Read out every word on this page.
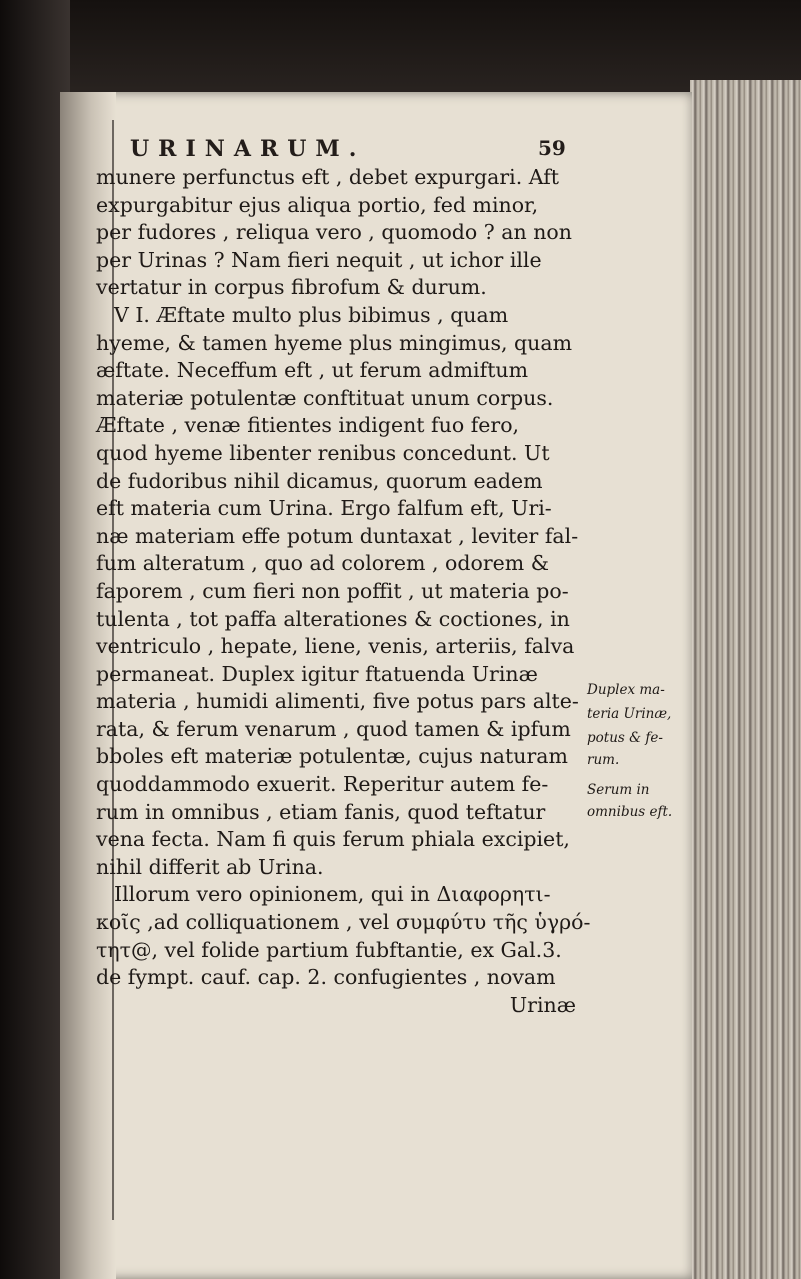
URINARUM.	59
munere perfunctus eft , debet expurgari. Aft
expurgabitur ejus aliqua portio, fed minor,
per fudores , reliqua vero , quomodo ? an non
per Urinas ? Nam fieri nequit , ut ichor ille
vertatur in corpus fibrofum & durum.
V I. Æftate multo plus bibimus , quam
hyeme, & tamen hyeme plus mingimus, quam
æftate. Neceffum eft , ut ferum admiftum
materiæ potulentæ conftituat unum corpus.
Æftate , venæ fitientes indigent fuo fero,
quod hyeme libenter renibus concedunt. Ut
de fudoribus nihil dicamus, quorum eadem
eft materia cum Urina. Ergo falfum eft, Uri-
næ materiam effe potum duntaxat , leviter fal-
fum alteratum , quo ad colorem , odorem &
faporem , cum fieri non poffit , ut materia po-
tulenta , tot paffa alterationes & coctiones, in
ventriculo , hepate, liene, venis, arteriis, falva
permaneat. Duplex igitur ftatuenda Urinæ
materia , humidi alimenti, five potus pars alte-
rata, & ferum venarum , quod tamen & ipfum
bboles eft materiæ potulentæ, cujus naturam
quoddammodo exuerit. Reperitur autem fe-
rum in omnibus , etiam fanis, quod teftatur
vena fecta. Nam fi quis ferum phiala excipiet,
nihil differit ab Urina.
Illorum vero opinionem, qui in Διαφορητι-
κοῖς ,ad colliquationem , vel συμφύτυ τῆς ὑγρό-
τητ@, vel folide partium fubftantie, ex Gal.3.
de fympt. cauf. cap. 2. confugientes , novam
Urinæ
Duplex ma-
teria Urinæ,
potus & fe-
rum.
Serum in
omnibus eft.
